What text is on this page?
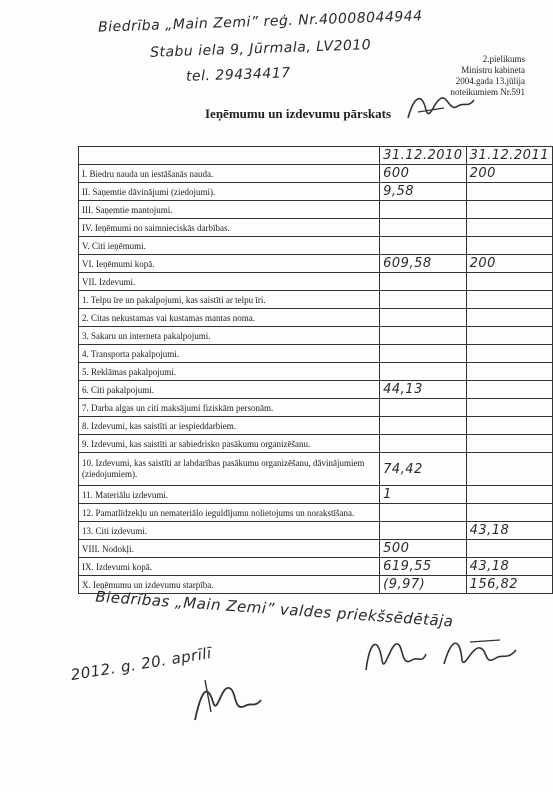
Biedrība „Main Zemi” reģ. Nr.40008044944
Stabu iela 9, Jūrmala, LV2010
tel. 29434417
2.pielikums
Ministru kabineta
2004.gada 13.jūlija
noteikumiem Nr.591
Ieņēmumu un izdevumu pārskats
	31.12.2010	31.12.2011
I. Biedru nauda un iestāšanās nauda.	600	200
II. Saņemtie dāvinājumi (ziedojumi).	9,58	
III. Saņemtie mantojumi.		
IV. Ieņēmumi no saimnieciskās darbības.		
V. Citi ieņēmumi.		
VI. Ieņēmumi kopā.	609,58	200
VII. Izdevumi.		
1. Telpu īre un pakalpojumi, kas saistīti ar telpu īri.		
2. Citas nekustamas vai kustamas mantas noma.		
3. Sakaru un interneta pakalpojumi.		
4. Transporta pakalpojumi.		
5. Reklāmas pakalpojumi.		
6. Citi pakalpojumi.	44,13	
7. Darba algas un citi maksājumi fiziskām personām.		
8. Izdevumi, kas saistīti ar iespieddarbiem.		
9. Izdevumi, kas saistīti ar sabiedrisko pasākumu organizēšanu.		
10. Izdevumi, kas saistīti ar labdarības pasākumu organizēšanu, dāvinājumiem (ziedojumiem).	74,42	
11. Materiālu izdevumi.	1	
12. Pamatlīdzekļu un nemateriālo ieguldījumu nolietojums un norakstīšana.		
13. Citi izdevumi.		43,18
VIII. Nodokļi.	500	
IX. Izdevumi kopā.	619,55	43,18
X. Ieņēmumu un izdevumu starpība.	(9,97)	156,82
Biedrības „Main Zemi” valdes priekšsēdētāja
2012. g. 20. aprīlī
